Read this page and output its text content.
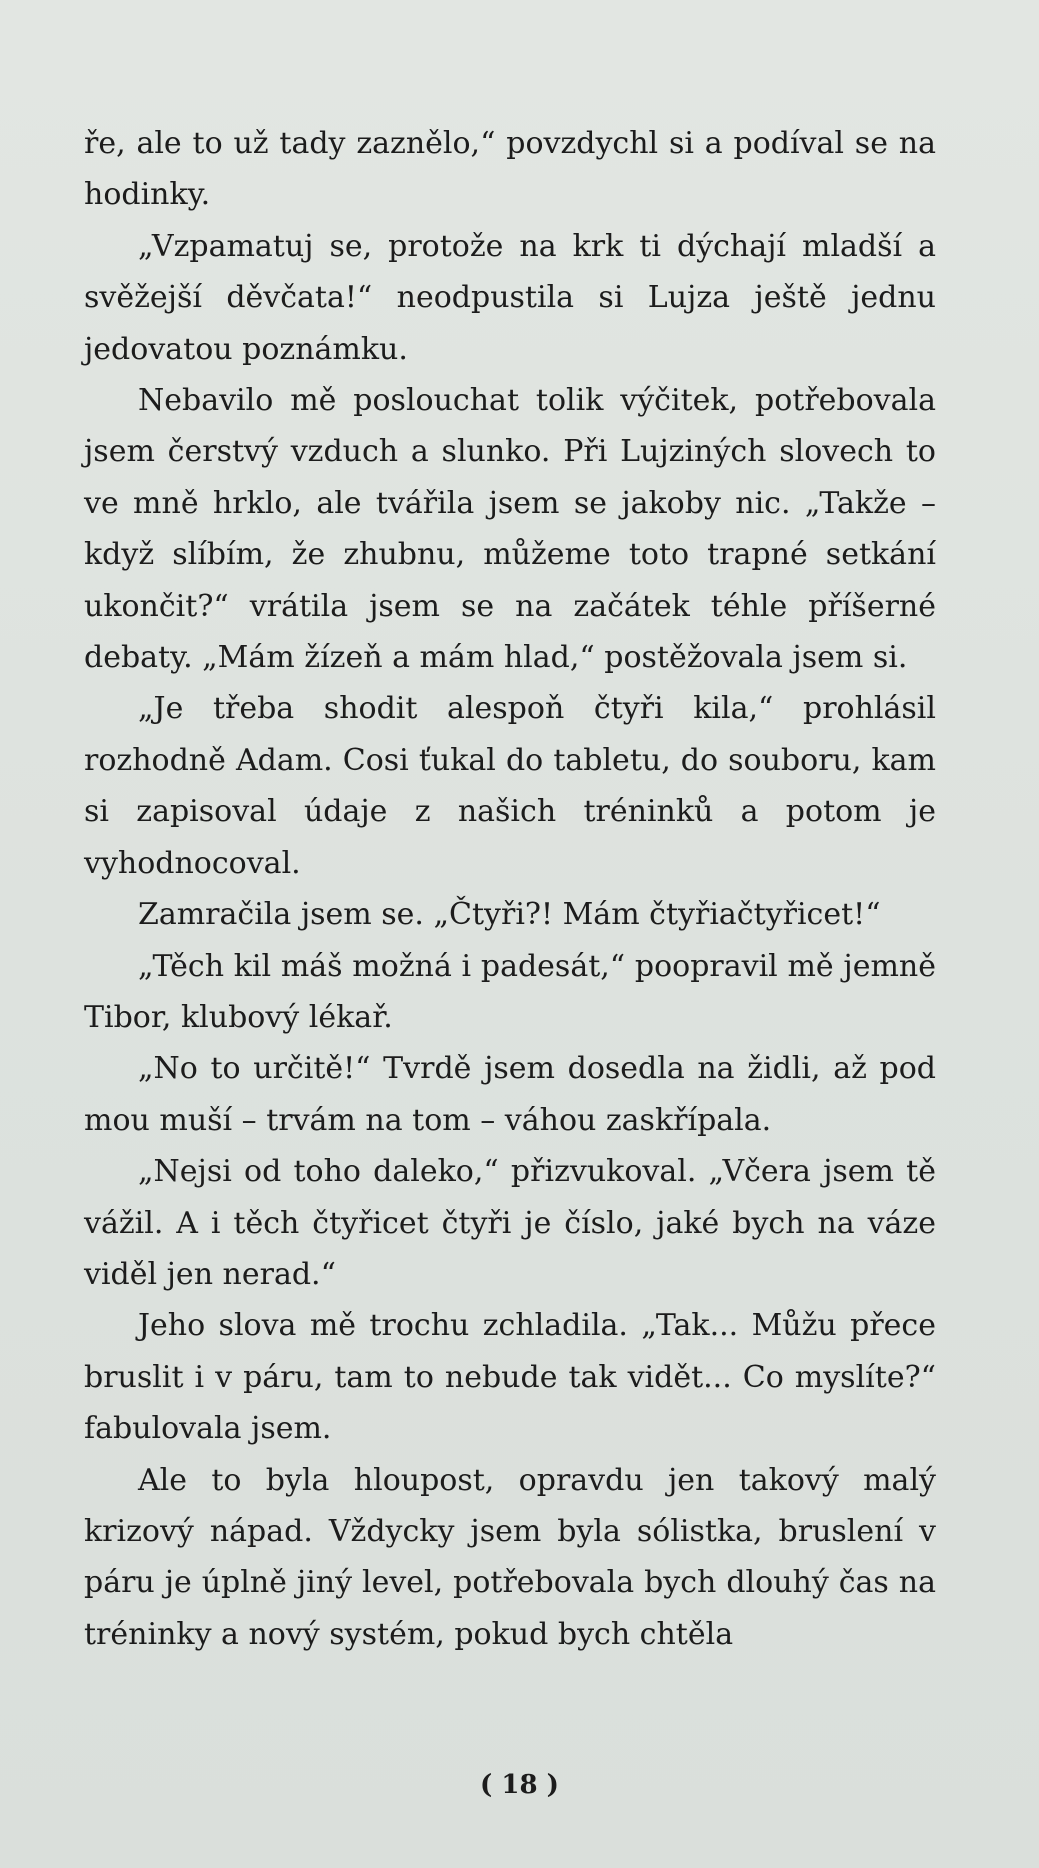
ře, ale to už tady zaznělo,“ povzdychl si a podíval se na hodinky.

„Vzpamatuj se, protože na krk ti dýchají mladší a svěžejší děvčata!“ neodpustila si Lujza ještě jednu jedovatou poznámku.

Nebavilo mě poslouchat tolik výčitek, potřebovala jsem čerstvý vzduch a slunko. Při Lujziných slovech to ve mně hrklo, ale tvářila jsem se jakoby nic. „Takže – když slíbím, že zhubnu, můžeme toto trapné setkání ukončit?“ vrátila jsem se na začátek téhle příšerné debaty. „Mám žízeň a mám hlad,“ postěžovala jsem si.

„Je třeba shodit alespoň čtyři kila,“ prohlásil rozhodně Adam. Cosi ťukal do tabletu, do souboru, kam si zapisoval údaje z našich tréninků a potom je vyhodnocoval.

Zamračila jsem se. „Čtyři?! Mám čtyřiačtyřicet!“

„Těch kil máš možná i padesát,“ poopravil mě jemně Tibor, klubový lékař.

„No to určitě!“ Tvrdě jsem dosedla na židli, až pod mou muší – trvám na tom – váhou zaskřípala.

„Nejsi od toho daleko,“ přizvukoval. „Včera jsem tě vážil. A i těch čtyřicet čtyři je číslo, jaké bych na váze viděl jen nerad.“

Jeho slova mě trochu zchladila. „Tak... Můžu přece bruslit i v páru, tam to nebude tak vidět... Co myslíte?“ fabulovala jsem.

Ale to byla hloupost, opravdu jen takový malý krizový nápad. Vždycky jsem byla sólistka, bruslení v páru je úplně jiný level, potřebovala bych dlouhý čas na tréninky a nový systém, pokud bych chtěla

( 18 )
